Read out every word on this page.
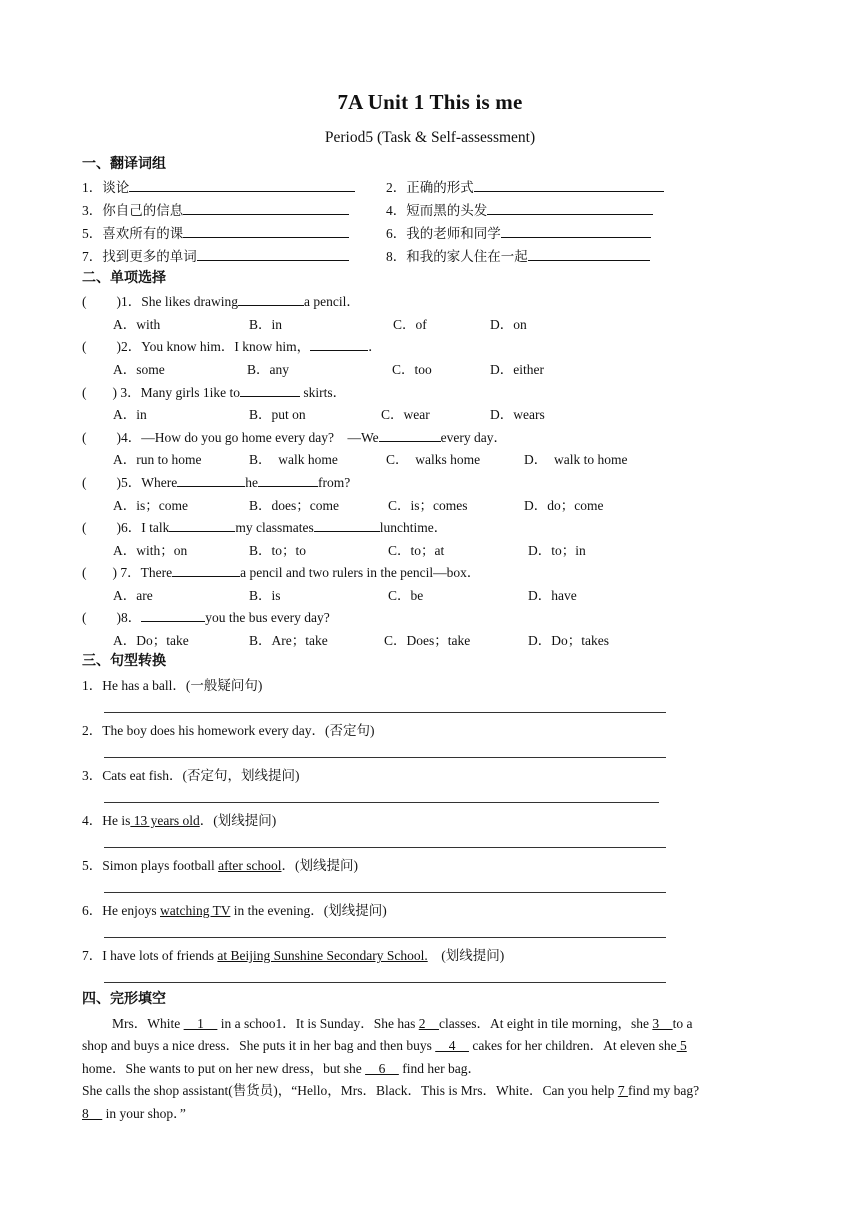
7A Unit 1 This is me
Period5 (Task & Self-assessment)
一、翻译词组
1．谈论	2．正确的形式
3．你自己的信息	4．短而黑的头发
5．喜欢所有的课	6．我的老师和同学
7．找到更多的单词	8．和我的家人住在一起
二、单项选择
( )1．She likes drawing	a pencil．
A．with	B．in	C．of	D．on
( )2．You know him．I know him，	．
A．some	B．any	C．too	D．either
( ) 3．Many girls 1ike to	skirts．
A．in	B．put on	C．wear	D．wears
( )4．—How do you go home every day?　—We	every day．
A．run to home	B．　walk home	C．　walks home	D．　walk to home
( )5．Where	he	from?
A．is；come	B．does；come	C．is；comes	D．do；come
( )6．I talk	my classmates	lunchtime．
A．with；on	B．to；to	C．to；at	D．to；in
( ) 7．There	a pencil and two rulers in the pencil—box．
A．are	B．is	C．be	D．have
( )8．	you the bus every day?
A．Do；take	B．Are；take	C．Does；take	D．Do；takes
三、句型转换
1．He has a ball．(一般疑问句)
2．The boy does his homework every day．(否定句)
3．Cats eat fish．(否定句，划线提问)
4．He is 13 years old．(划线提问)
5．Simon plays football after school．(划线提问)
6．He enjoys watching TV in the evening．(划线提问)
7．I have lots of friends at Beijing Sunshine Secondary School.　(划线提问)
四、完形填空
Mrs．White 　1　 in a schoo1．It is Sunday．She has 2　classes．At eight in tile morning，she 3　to a
shop and buys a nice dress．She puts it in her bag and then buys 　4　 cakes for her children．At eleven she 5
home．She wants to put on her new dress，but she 　6　 find her bag．
She calls the shop assistant(售货员)，“Hello，Mrs．Black．This is Mrs．White．Can you help 7 find my bag?
8　 in your shop．”
